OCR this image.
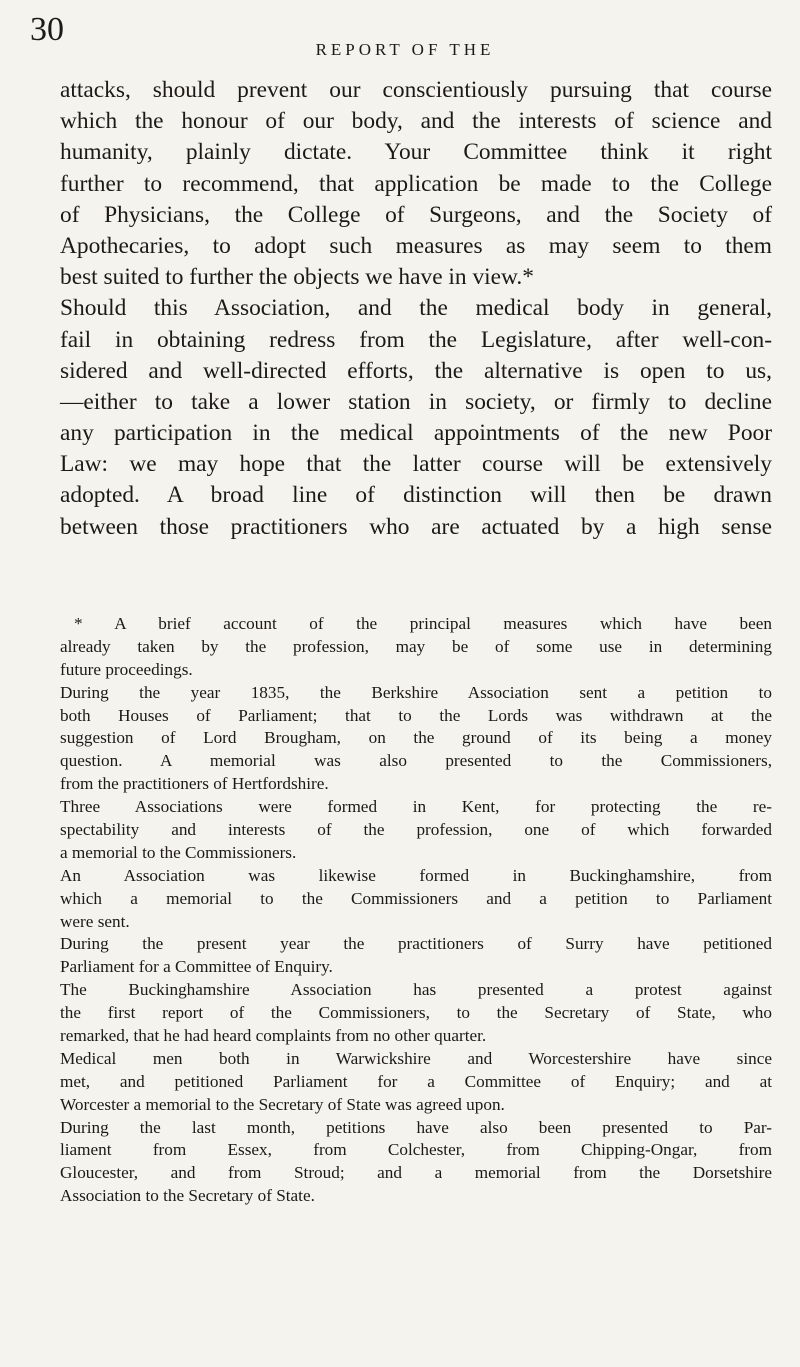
30
REPORT OF THE
attacks, should prevent our conscientiously pursuing that course
which the honour of our body, and the interests of science and
humanity, plainly dictate. Your Committee think it right
further to recommend, that application be made to the College
of Physicians, the College of Surgeons, and the Society of
Apothecaries, to adopt such measures as may seem to them
best suited to further the objects we have in view.*
Should this Association, and the medical body in general,
fail in obtaining redress from the Legislature, after well-con-
sidered and well-directed efforts, the alternative is open to us,
—either to take a lower station in society, or firmly to decline
any participation in the medical appointments of the new Poor
Law: we may hope that the latter course will be extensively
adopted. A broad line of distinction will then be drawn
between those practitioners who are actuated by a high sense
* A brief account of the principal measures which have been
already taken by the profession, may be of some use in determining
future proceedings.
During the year 1835, the Berkshire Association sent a petition to
both Houses of Parliament; that to the Lords was withdrawn at the
suggestion of Lord Brougham, on the ground of its being a money
question. A memorial was also presented to the Commissioners,
from the practitioners of Hertfordshire.
Three Associations were formed in Kent, for protecting the re-
spectability and interests of the profession, one of which forwarded
a memorial to the Commissioners.
An Association was likewise formed in Buckinghamshire, from
which a memorial to the Commissioners and a petition to Parliament
were sent.
During the present year the practitioners of Surry have petitioned
Parliament for a Committee of Enquiry.
The Buckinghamshire Association has presented a protest against
the first report of the Commissioners, to the Secretary of State, who
remarked, that he had heard complaints from no other quarter.
Medical men both in Warwickshire and Worcestershire have since
met, and petitioned Parliament for a Committee of Enquiry; and at
Worcester a memorial to the Secretary of State was agreed upon.
During the last month, petitions have also been presented to Par-
liament from Essex, from Colchester, from Chipping-Ongar, from
Gloucester, and from Stroud; and a memorial from the Dorsetshire
Association to the Secretary of State.
